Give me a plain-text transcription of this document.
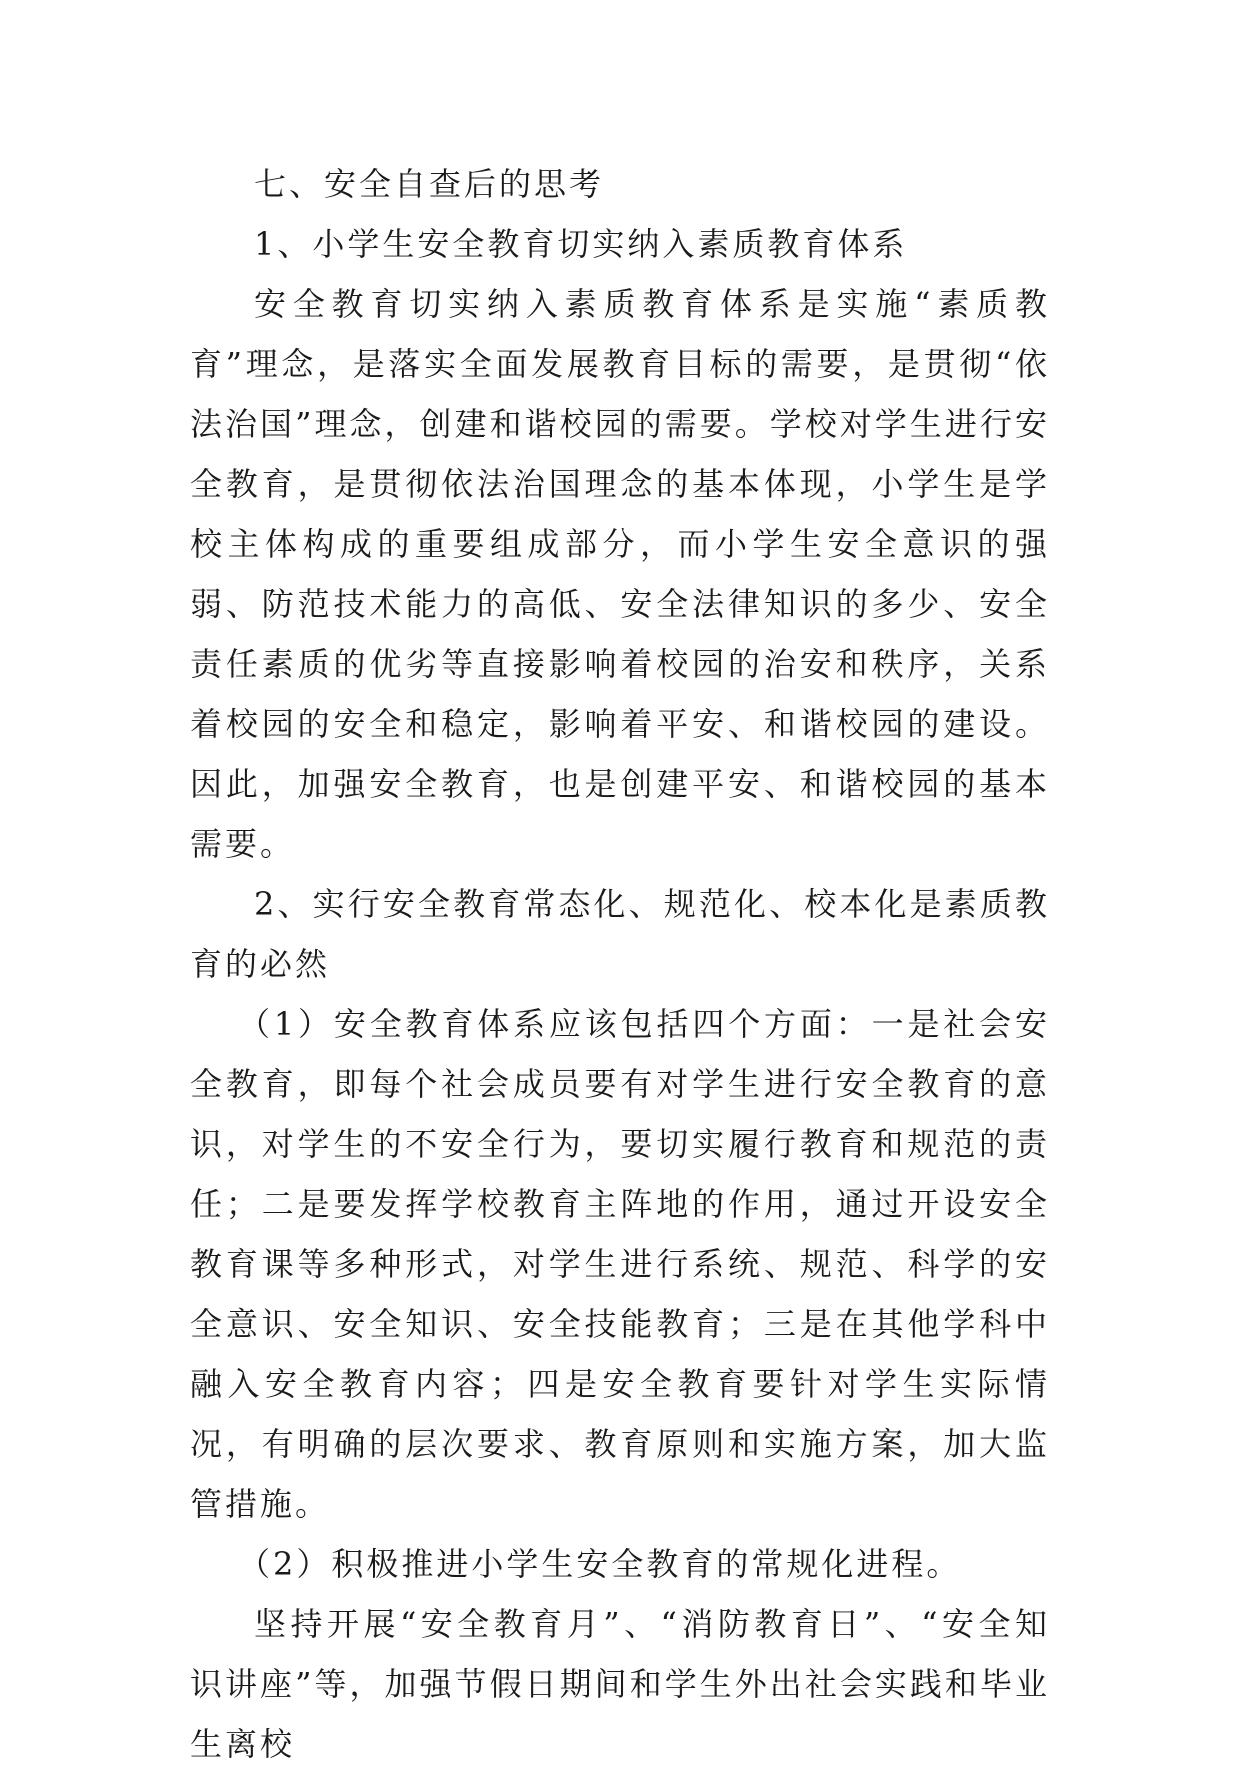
七、安全自查后的思考

1、小学生安全教育切实纳入素质教育体系

安全教育切实纳入素质教育体系是实施“素质教育”理念，是落实全面发展教育目标的需要，是贯彻“依法治国”理念，创建和谐校园的需要。学校对学生进行安全教育，是贯彻依法治国理念的基本体现，小学生是学校主体构成的重要组成部分，而小学生安全意识的强弱、防范技术能力的高低、安全法律知识的多少、安全责任素质的优劣等直接影响着校园的治安和秩序，关系着校园的安全和稳定，影响着平安、和谐校园的建设。因此，加强安全教育，也是创建平安、和谐校园的基本需要。

2、实行安全教育常态化、规范化、校本化是素质教育的必然

（1）安全教育体系应该包括四个方面：一是社会安全教育，即每个社会成员要有对学生进行安全教育的意识，对学生的不安全行为，要切实履行教育和规范的责任；二是要发挥学校教育主阵地的作用，通过开设安全教育课等多种形式，对学生进行系统、规范、科学的安全意识、安全知识、安全技能教育；三是在其他学科中融入安全教育内容；四是安全教育要针对学生实际情况，有明确的层次要求、教育原则和实施方案，加大监管措施。

（2）积极推进小学生安全教育的常规化进程。

坚持开展“安全教育月”、“消防教育日”、“安全知识讲座”等，加强节假日期间和学生外出社会实践和毕业生离校
